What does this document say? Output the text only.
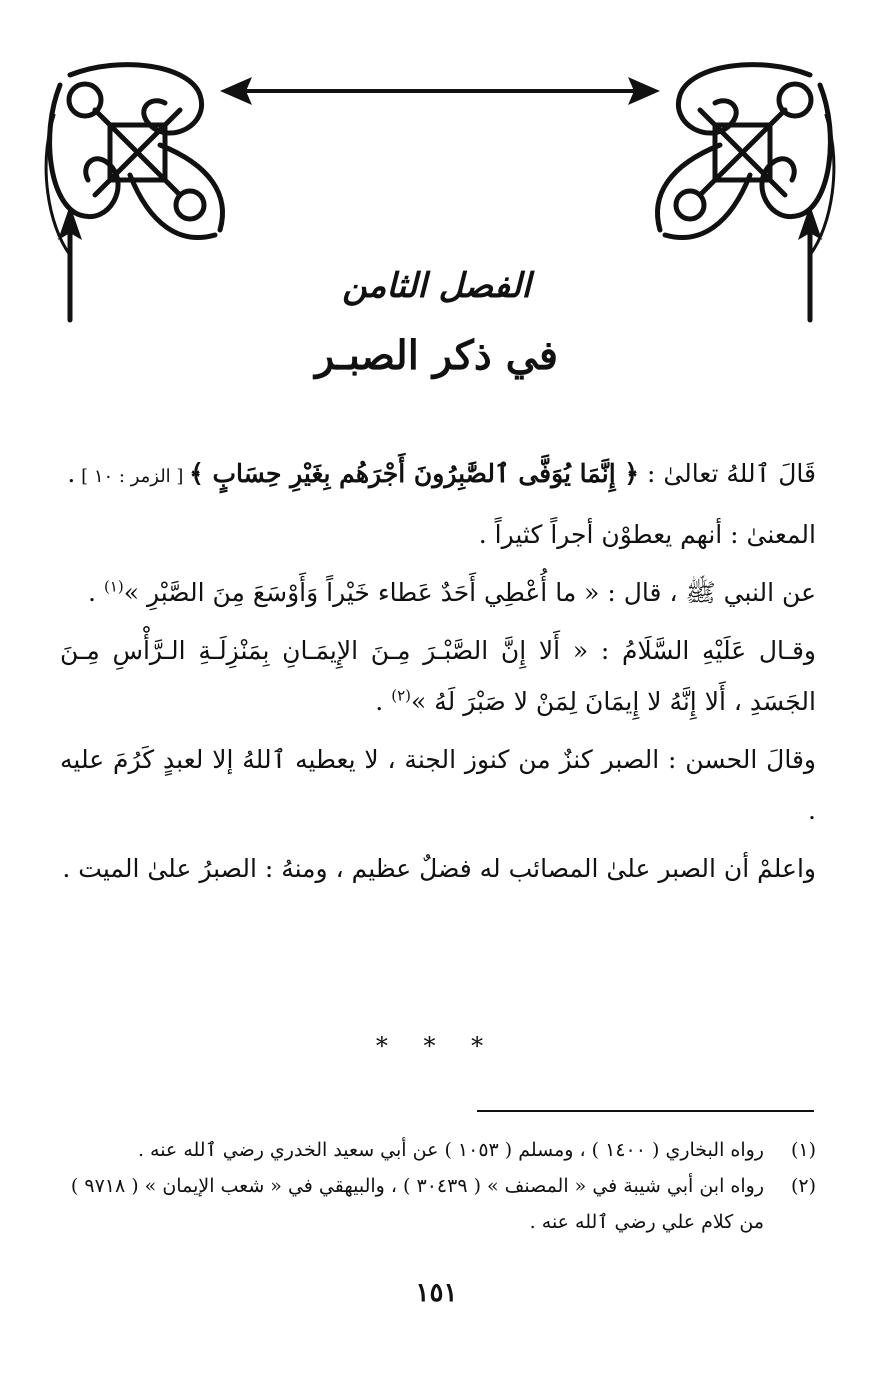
الفصل الثامن
في ذكر الصبـر

قَالَ ٱللهُ تعالىٰ : ﴿ إِنَّمَا يُوَفَّى ٱلصَّٰبِرُونَ أَجْرَهُم بِغَيْرِ حِسَابٍ ﴾ [ الزمر : ١٠ ] .

المعنىٰ : أنهم يعطوْن أجراً كثيراً .

عن النبي ﷺ ، قال : « ما أُعْطِي أَحَدٌ عَطاء خَيْراً وَأَوْسَعَ مِنَ الصَّبْرِ »$^{(١)}$ .

وقـال عَلَيْهِ السَّلَامُ : « أَلا إِنَّ الصَّبْـرَ مِـنَ الإِيمَـانِ بِمَنْزِلَـةِ الـرَّأْسِ مِـنَ الجَسَدِ ، أَلا إِنَّهُ لا إِيمَانَ لِمَنْ لا صَبْرَ لَهُ »$^{(٢)}$ .

وقالَ الحسن : الصبر كنزٌ من كنوز الجنة ، لا يعطيه ٱللهُ إلا لعبدٍ كَرُمَ عليه .

واعلمْ أن الصبر علىٰ المصائب له فضلٌ عظيم ، ومنهُ : الصبرُ علىٰ الميت .

* * *
(١)
رواه البخاري ( ١٤٠٠ ) ، ومسلم ( ١٠٥٣ ) عن أبي سعيد الخدري رضي ٱلله عنه .
(٢)
رواه ابن أبي شيبة في « المصنف » ( ٣٠٤٣٩ ) ، والبيهقي في « شعب الإيمان » ( ٩٧١٨ ) من كلام علي رضي ٱلله عنه .
١٥١
